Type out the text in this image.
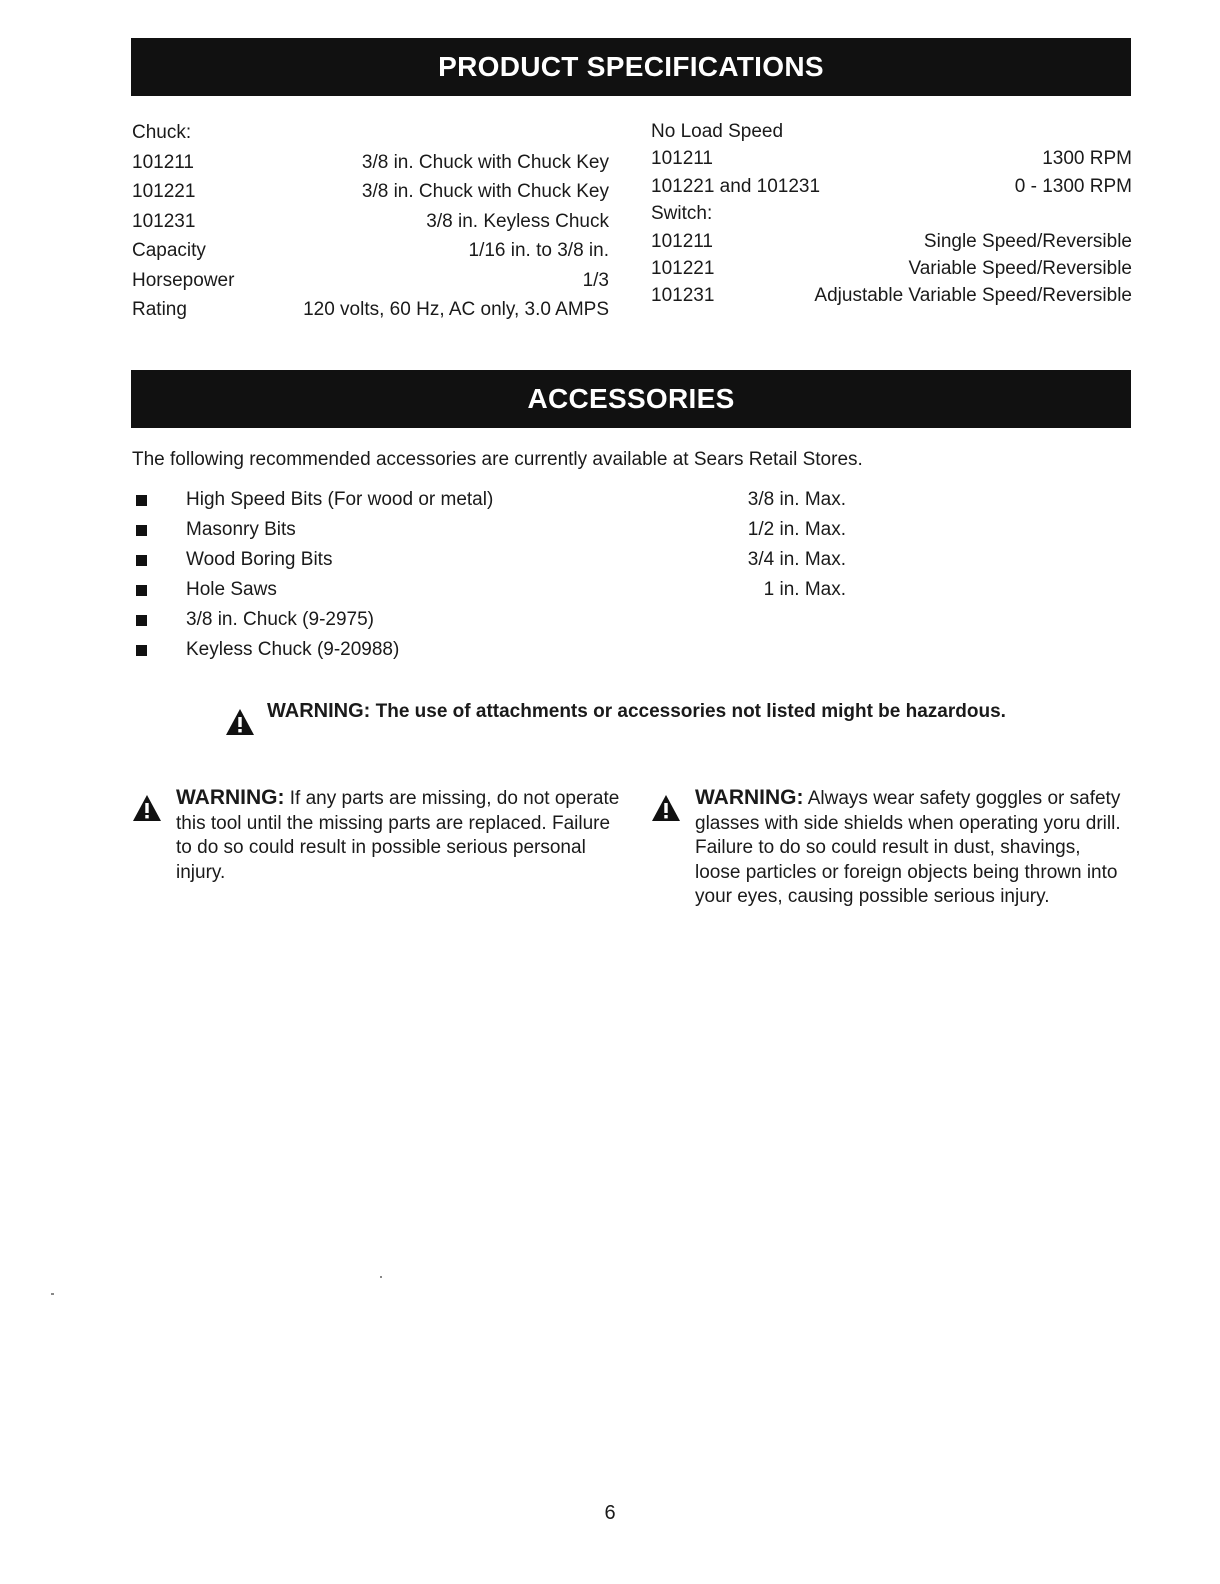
PRODUCT SPECIFICATIONS
Chuck:
101211	3/8 in. Chuck with Chuck Key
101221	3/8 in. Chuck with Chuck Key
101231	3/8 in. Keyless Chuck
Capacity	1/16 in. to 3/8 in.
Horsepower	1/3
Rating	120 volts, 60 Hz, AC only, 3.0 AMPS
No Load Speed
101211	1300 RPM
101221 and 101231	0 - 1300 RPM
Switch:
101211	Single Speed/Reversible
101221	Variable Speed/Reversible
101231	Adjustable Variable Speed/Reversible
ACCESSORIES
The following recommended accessories are currently available at Sears Retail Stores.
High Speed Bits (For wood or metal)	3/8 in. Max.
Masonry Bits	1/2 in. Max.
Wood Boring Bits	3/4 in. Max.
Hole Saws	1 in. Max.
3/8 in. Chuck (9-2975)
Keyless Chuck (9-20988)
WARNING: The use of attachments or accessories not listed might be hazardous.
WARNING: If any parts are missing, do not operate this tool until the missing parts are replaced. Failure to do so could result in possible serious personal injury.
WARNING: Always wear safety goggles or safety glasses with side shields when operating yoru drill. Failure to do so could result in dust, shavings, loose particles or foreign objects being thrown into your eyes, causing possible serious injury.
6
